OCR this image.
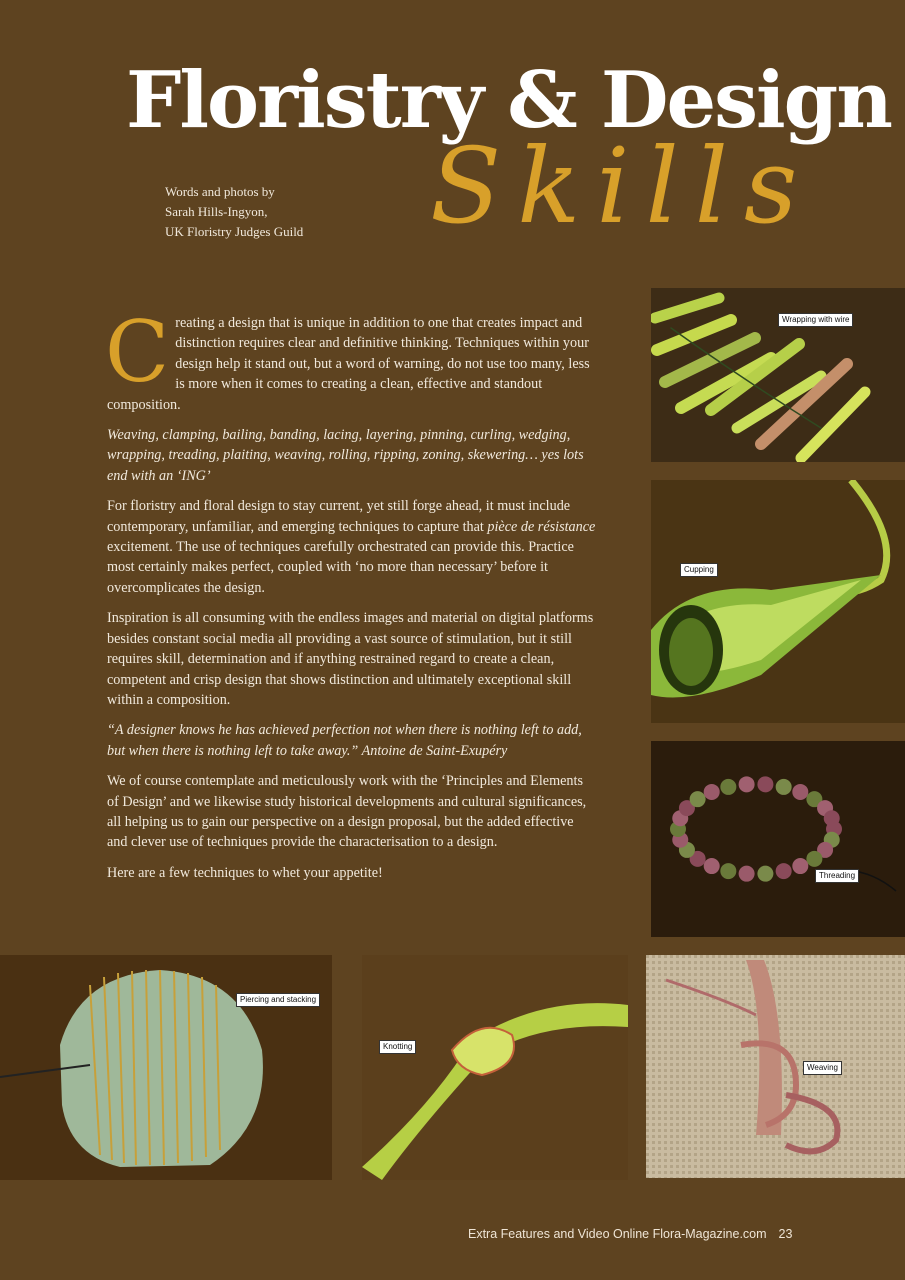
Floristry & Design
Skills
Words and photos by
Sarah Hills-Ingyon,
UK Floristry Judges Guild

Creating a design that is unique in addition to one that creates impact and distinction requires clear and definitive thinking. Techniques within your design help it stand out, but a word of warning, do not use too many, less is more when it comes to creating a clean, effective and standout composition.

Weaving, clamping, bailing, banding, lacing, layering, pinning, curling, wedging, wrapping, treading, plaiting, weaving, rolling, ripping, zoning, skewering… yes lots end with an ‘ING’

For floristry and floral design to stay current, yet still forge ahead, it must include contemporary, unfamiliar, and emerging techniques to capture that pièce de résistance excitement. The use of techniques carefully orchestrated can provide this. Practice most certainly makes perfect, coupled with ‘no more than necessary’ before it overcomplicates the design.

Inspiration is all consuming with the endless images and material on digital platforms besides constant social media all providing a vast source of stimulation, but it still requires skill, determination and if anything restrained regard to create a clean, competent and crisp design that shows distinction and ultimately exceptional skill within a composition.

“A designer knows he has achieved perfection not when there is nothing left to add, but when there is nothing left to take away.” Antoine de Saint-Exupéry

We of course contemplate and meticulously work with the ‘Principles and Elements of Design’ and we likewise study historical developments and cultural significances, all helping us to gain our perspective on a design proposal, but the added effective and clever use of techniques provide the characterisation to a design.

Here are a few techniques to whet your appetite!

Wrapping with wire
Cupping
Threading
Piercing and stacking
Knotting
Weaving
Extra Features and Video Online Flora-Magazine.com 23
